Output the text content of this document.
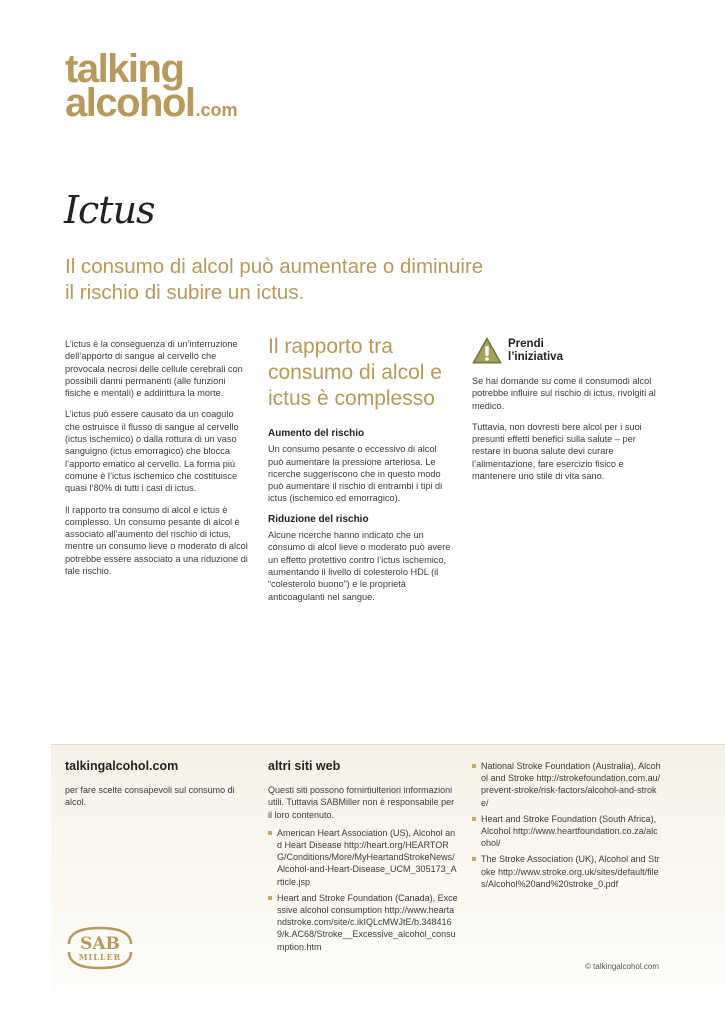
talking
alcohol.com
Ictus
Il consumo di alcol può aumentare o diminuire il rischio di subire un ictus.

L’ictus è la conseguenza di un’interruzione dell’apporto di sangue al cervello che provocala necrosi delle cellule cerebrali con possibili danni permanenti (alle funzioni fisiche e mentali) e addirittura la morte.

L’ictus può essere causato da un coagulo che ostruisce il flusso di sangue al cervello (ictus ischemico) o dalla rottura di un vaso sanguigno (ictus emorragico) che blocca l’apporto ematico al cervello. La forma più comune è l’ictus ischemico che costituisce quasi l’80% di tutti i casi di ictus.

Il rapporto tra consumo di alcol e ictus è complesso. Un consumo pesante di alcol è associato all’aumento del rischio di ictus, mentre un consumo lieve o moderato di alcol potrebbe essere associato a una riduzione di tale rischio.

Il rapporto tra consumo di alcol e ictus è complesso
Aumento del rischio

Un consumo pesante o eccessivo di alcol può aumentare la pressione arteriosa. Le ricerche suggeriscono che in questo modo può aumentare il rischio di entrambi i tipi di ictus (ischemico ed emorragico).

Riduzione del rischio

Alcune ricerche hanno indicato che un consumo di alcol lieve o moderato può avere un effetto protettivo contro l’ictus ischemico, aumentando il livello di colesterolo HDL (il “colesterolo buono”) e le proprietà anticoagulanti nel sangue.

Prendi
l’iniziativa

Se hai domande su come il consumodi alcol potrebbe influire sul rischio di ictus, rivolgiti al medico.

Tuttavia, non dovresti bere alcol per i suoi presunti effetti benefici sulla salute – per restare in buona salute devi curare l’alimentazione, fare esercizio fisico e mantenere uno stile di vita sano.

talkingalcohol.com

per fare scelte consapevoli sul consumo di alcol.

altri siti web

Questi siti possono fornirtiulteriori informazioni utili. Tuttavia SABMiller non è responsabile per il loro contenuto.

American Heart Association (US), Alcohol and Heart Disease http://heart.org/HEARTORG/Conditions/More/MyHeartandStrokeNews/Alcohol-and-Heart-Disease_UCM_305173_Article.jsp
Heart and Stroke Foundation (Canada), Excessive alcohol consumption http://www.heartandstroke.com/site/c.ikIQLcMWJtE/b.3484169/k.AC68/Stroke__Excessive_alcohol_consumption.htm
National Stroke Foundation (Australia), Alcohol and Stroke http://strokefoundation.com.au/prevent-stroke/risk-factors/alcohol-and-stroke/
Heart and Stroke Foundation (South Africa), Alcohol http://www.heartfoundation.co.za/alcohol/
The Stroke Association (UK), Alcohol and Stroke http://www.stroke.org.uk/sites/default/files/Alcohol%20and%20stroke_0.pdf
SAB
MILLER
© talkingalcohol.com
